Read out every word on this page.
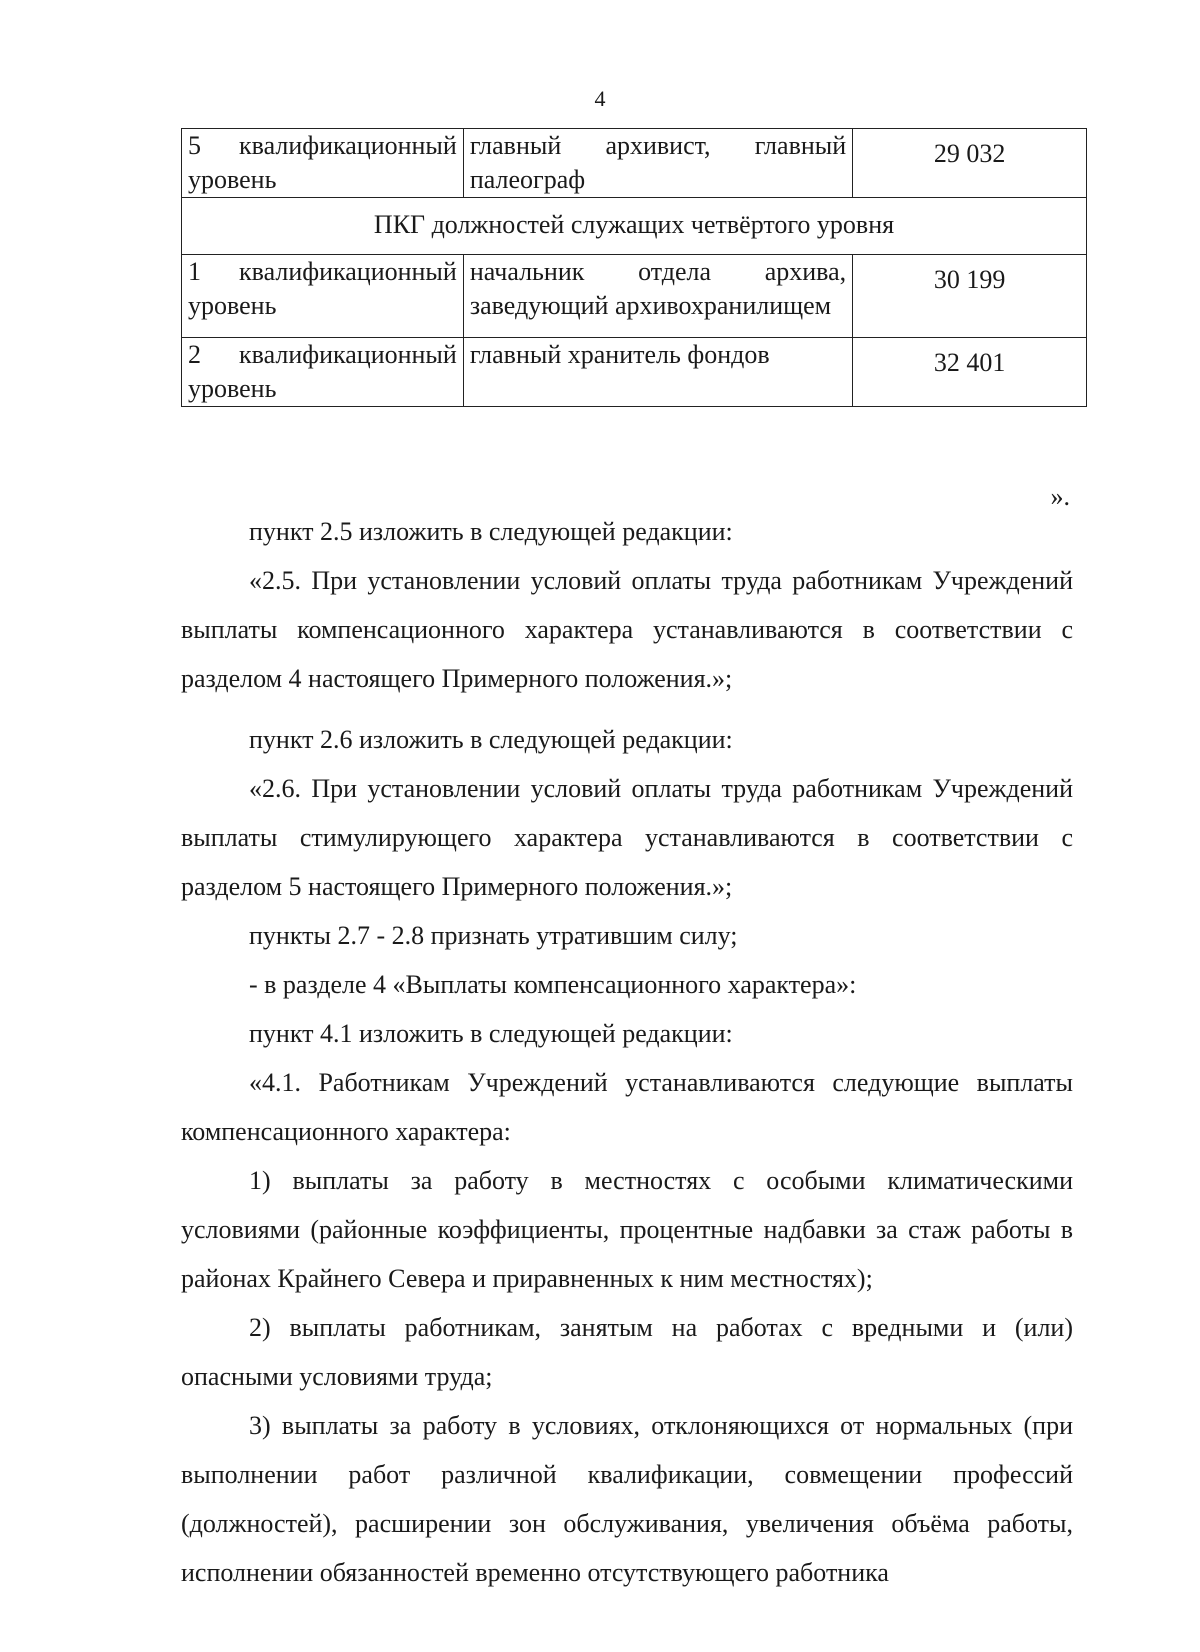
4
5 квалификационный уровень	главный архивист, главный палеограф	29 032
ПКГ должностей служащих четвёртого уровня		
1 квалификационный уровень	начальник отдела архива, заведующий архивохранилищем	30 199
2 квалификационный уровень	главный хранитель фондов	32 401
».

пункт 2.5 изложить в следующей редакции:

«2.5. При установлении условий оплаты труда работникам Учреждений выплаты компенсационного характера устанавливаются в соответствии с разделом 4 настоящего Примерного положения.»;

пункт 2.6 изложить в следующей редакции:

«2.6. При установлении условий оплаты труда работникам Учреждений выплаты стимулирующего характера устанавливаются в соответствии с разделом 5 настоящего Примерного положения.»;

пункты 2.7 - 2.8 признать утратившим силу;

- в разделе 4 «Выплаты компенсационного характера»:

пункт 4.1 изложить в следующей редакции:

«4.1. Работникам Учреждений устанавливаются следующие выплаты компенсационного характера:

1) выплаты за работу в местностях с особыми климатическими условиями (районные коэффициенты, процентные надбавки за стаж работы в районах Крайнего Севера и приравненных к ним местностях);

2) выплаты работникам, занятым на работах с вредными и (или) опасными условиями труда;

3) выплаты за работу в условиях, отклоняющихся от нормальных (при выполнении работ различной квалификации, совмещении профессий (должностей), расширении зон обслуживания, увеличения объёма работы, исполнении обязанностей временно отсутствующего работника
